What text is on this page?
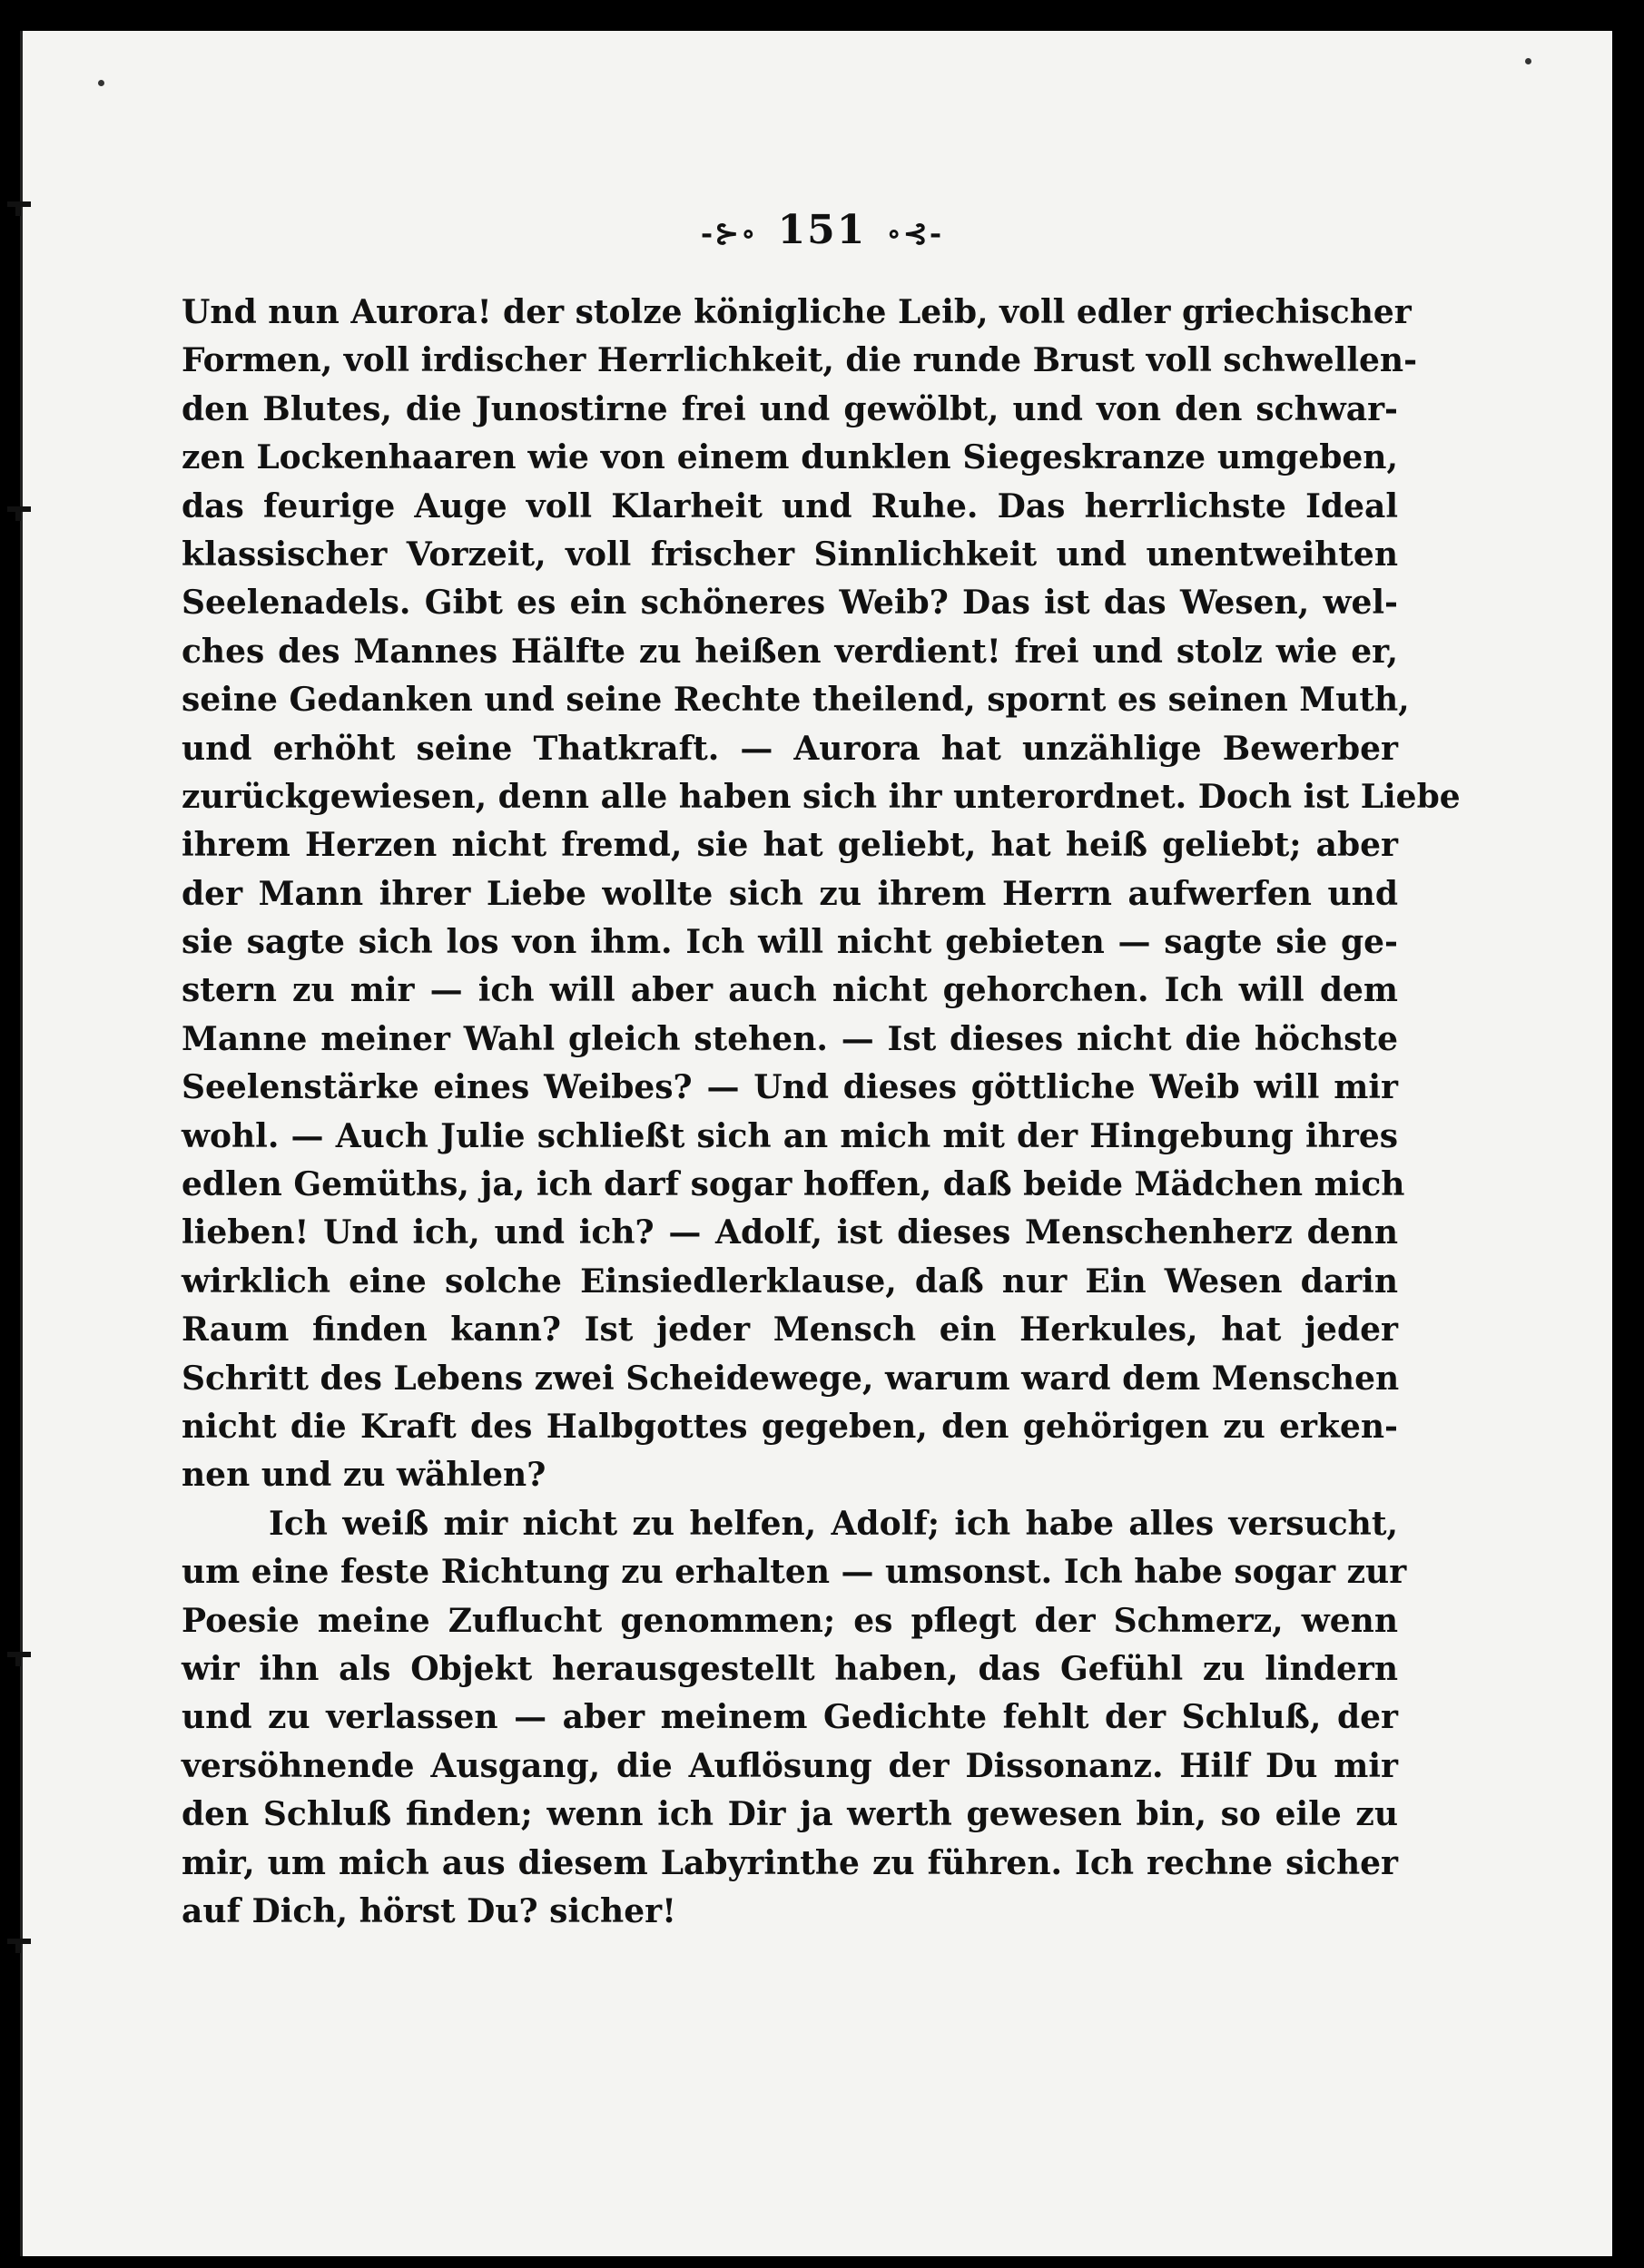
-⊱∘ 151 ∘⊰-
Und nun Aurora! der stolze königliche Leib, voll edler griechischer
Formen, voll irdischer Herrlichkeit, die runde Brust voll schwellen-
den Blutes, die Junostirne frei und gewölbt, und von den schwar-
zen Lockenhaaren wie von einem dunklen Siegeskranze umgeben,
das feurige Auge voll Klarheit und Ruhe. Das herrlichste Ideal
klassischer Vorzeit, voll frischer Sinnlichkeit und unentweihten
Seelenadels. Gibt es ein schöneres Weib? Das ist das Wesen, wel-
ches des Mannes Hälfte zu heißen verdient! frei und stolz wie er,
seine Gedanken und seine Rechte theilend, spornt es seinen Muth,
und erhöht seine Thatkraft. — Aurora hat unzählige Bewerber
zurückgewiesen, denn alle haben sich ihr unterordnet. Doch ist Liebe
ihrem Herzen nicht fremd, sie hat geliebt, hat heiß geliebt; aber
der Mann ihrer Liebe wollte sich zu ihrem Herrn aufwerfen und
sie sagte sich los von ihm. Ich will nicht gebieten — sagte sie ge-
stern zu mir — ich will aber auch nicht gehorchen. Ich will dem
Manne meiner Wahl gleich stehen. — Ist dieses nicht die höchste
Seelenstärke eines Weibes? — Und dieses göttliche Weib will mir
wohl. — Auch Julie schließt sich an mich mit der Hingebung ihres
edlen Gemüths, ja, ich darf sogar hoffen, daß beide Mädchen mich
lieben! Und ich, und ich? — Adolf, ist dieses Menschenherz denn
wirklich eine solche Einsiedlerklause, daß nur Ein Wesen darin
Raum finden kann? Ist jeder Mensch ein Herkules, hat jeder
Schritt des Lebens zwei Scheidewege, warum ward dem Menschen
nicht die Kraft des Halbgottes gegeben, den gehörigen zu erken-
nen und zu wählen?
Ich weiß mir nicht zu helfen, Adolf; ich habe alles versucht,
um eine feste Richtung zu erhalten — umsonst. Ich habe sogar zur
Poesie meine Zuflucht genommen; es pflegt der Schmerz, wenn
wir ihn als Objekt herausgestellt haben, das Gefühl zu lindern
und zu verlassen — aber meinem Gedichte fehlt der Schluß, der
versöhnende Ausgang, die Auflösung der Dissonanz. Hilf Du mir
den Schluß finden; wenn ich Dir ja werth gewesen bin, so eile zu
mir, um mich aus diesem Labyrinthe zu führen. Ich rechne sicher
auf Dich, hörst Du? sicher!
